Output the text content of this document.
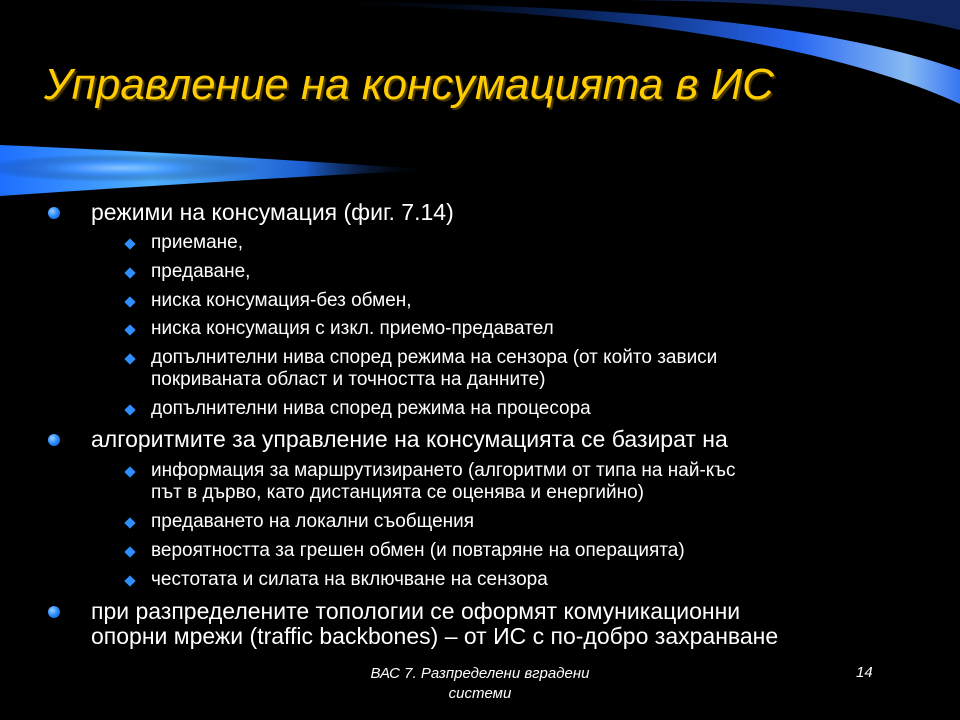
Управление на консумацията в ИС
режими на консумация (фиг. 7.14)
приемане,
предаване,
ниска консумация-без обмен,
ниска консумация с изкл. приемо-предавател
допълнителни нива според режима на сензора (от който зависи
покриваната област и точността на данните)
допълнителни нива според режима на процесора
алгоритмите за управление на консумацията се базират на
информация за маршрутизирането (алгоритми от типа на най-къс
път в дърво, като дистанцията се оценява и енергийно)
предаването на локални съобщения
вероятността за грешен обмен (и повтаряне на операцията)
честотата и силата на включване на сензора
при разпределените топологии се оформят комуникационни
опорни мрежи (traffic backbones) – от ИС с по-добро захранване
ВАС 7. Разпределени вградени
системи
14
